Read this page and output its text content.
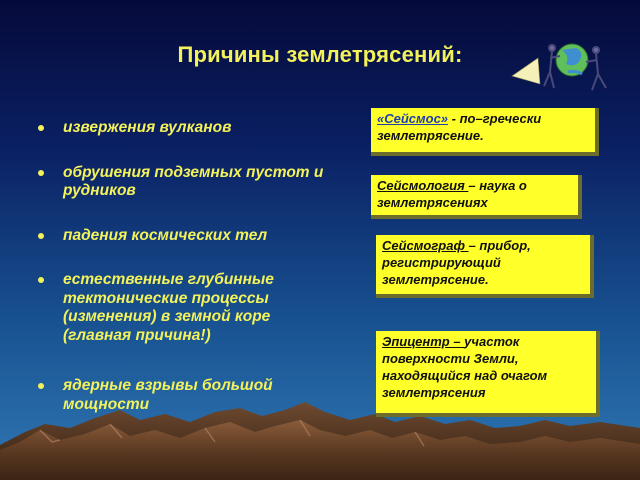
Причины землетрясений:
извержения вулканов
обрушения подземных пустот и рудников
падения космических тел
естественные глубинные тектонические процессы (изменения) в земной коре (главная причина!)
ядерные взрывы большой мощности
«Сейсмос» - по–гречески землетрясение.
Сейсмология – наука о землетрясениях
Сейсмограф – прибор, регистрирующий землетрясение.
Эпицентр – участок поверхности Земли, находящийся над очагом землетрясения
